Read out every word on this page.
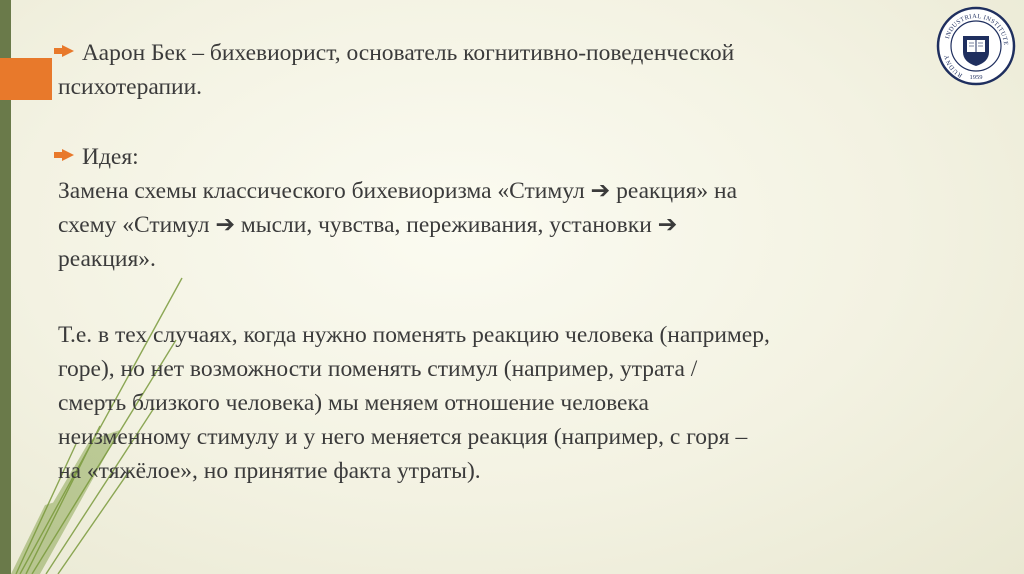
Аарон Бек – бихевиорист, основатель когнитивно-поведенческой

психотерапии.

Идея:

Замена схемы классического бихевиоризма «Стимул ➔ реакция» на

схему «Стимул ➔ мысли, чувства, переживания, установки ➔

реакция».

Т.е. в тех случаях, когда нужно поменять реакцию человека (например,

горе), но нет возможности поменять стимул (например, утрата /

смерть близкого человека) мы меняем отношение человека

неизменному стимулу и у него меняется реакция (например, с горя –

на «тяжёлое», но принятие факта утраты).

INDUSTRIAL INSTITUTE
RUDNY
1959
